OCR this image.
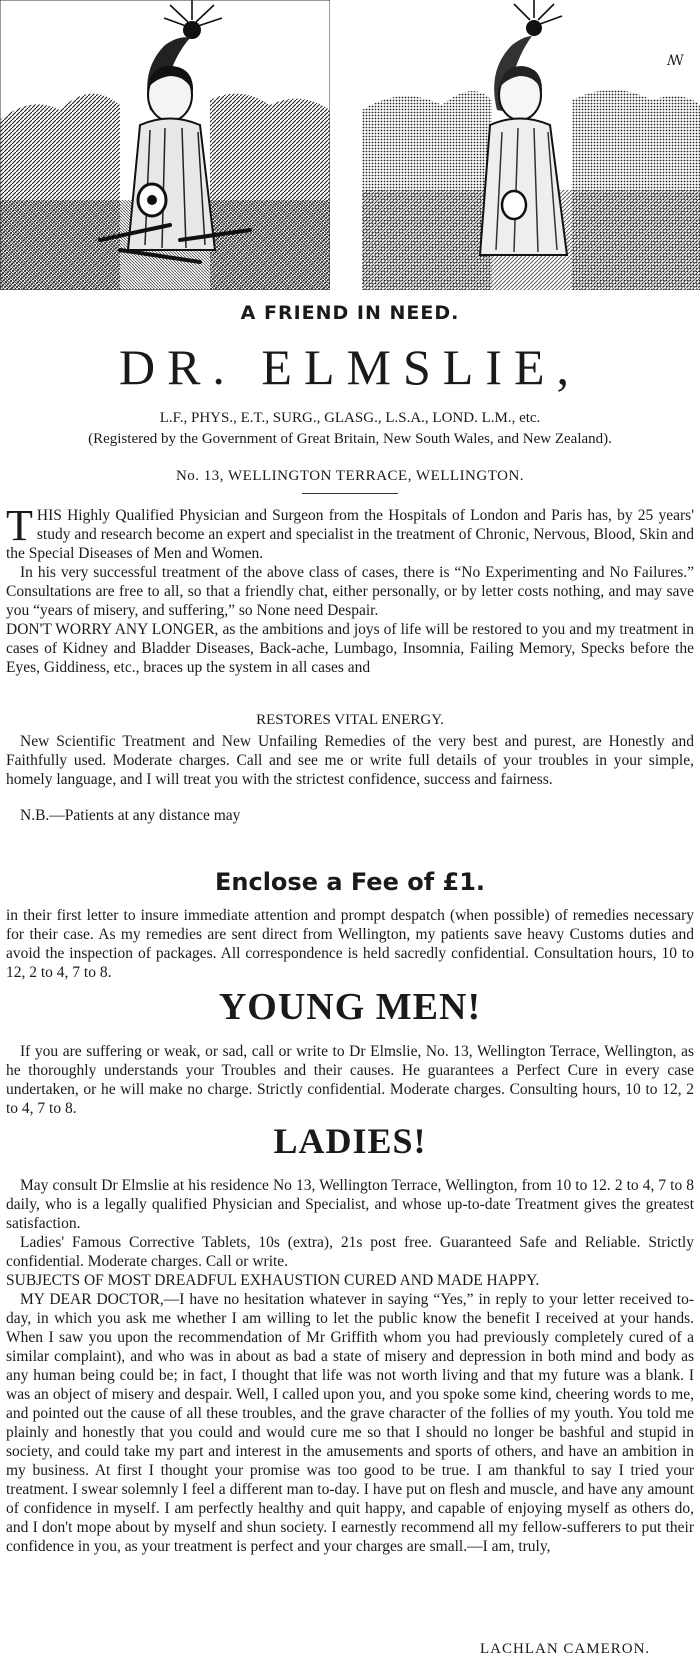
ꟿ
A FRIEND IN NEED.
DR. ELMSLIE,
L.F., PHYS., E.T., SURG., GLASG., L.S.A., LOND. L.M., etc.
(Registered by the Government of Great Britain, New South Wales, and New Zealand).
No. 13, WELLINGTON TERRACE, WELLINGTON.

THIS Highly Qualified Physician and Surgeon from the Hospitals of London and Paris has, by 25 years' study and research become an expert and specialist in the treatment of Chronic, Nervous, Blood, Skin and the Special Diseases of Men and Women.

In his very successful treatment of the above class of cases, there is “No Experimenting and No Failures.” Consultations are free to all, so that a friendly chat, either personally, or by letter costs nothing, and may save you “years of misery, and suffering,” so None need Despair.

DON'T WORRY ANY LONGER, as the ambitions and joys of life will be restored to you and my treatment in cases of Kidney and Bladder Diseases, Back-ache, Lumbago, Insomnia, Failing Memory, Specks before the Eyes, Giddiness, etc., braces up the system in all cases and

RESTORES VITAL ENERGY.

New Scientific Treatment and New Unfailing Remedies of the very best and purest, are Honestly and Faithfully used. Moderate charges. Call and see me or write full details of your troubles in your simple, homely language, and I will treat you with the strictest confidence, success and fairness.

N.B.—Patients at any distance may

Enclose a Fee of £1.

in their first letter to insure immediate attention and prompt despatch (when possible) of remedies necessary for their case. As my remedies are sent direct from Wellington, my patients save heavy Customs duties and avoid the inspection of packages. All correspondence is held sacredly confidential. Consultation hours, 10 to 12, 2 to 4, 7 to 8.

YOUNG MEN!

If you are suffering or weak, or sad, call or write to Dr Elmslie, No. 13, Wellington Terrace, Wellington, as he thoroughly understands your Troubles and their causes. He guarantees a Perfect Cure in every case undertaken, or he will make no charge. Strictly confidential. Moderate charges. Consulting hours, 10 to 12, 2 to 4, 7 to 8.

LADIES!

May consult Dr Elmslie at his residence No 13, Wellington Terrace, Wellington, from 10 to 12. 2 to 4, 7 to 8 daily, who is a legally qualified Physician and Specialist, and whose up-to-date Treatment gives the greatest satisfaction.

Ladies' Famous Corrective Tablets, 10s (extra), 21s post free. Guaranteed Safe and Reliable. Strictly confidential. Moderate charges. Call or write.

SUBJECTS OF MOST DREADFUL EXHAUSTION CURED AND MADE HAPPY.

MY DEAR DOCTOR,—I have no hesitation whatever in saying “Yes,” in reply to your letter received to-day, in which you ask me whether I am willing to let the public know the benefit I received at your hands. When I saw you upon the recommendation of Mr Griffith whom you had previously completely cured of a similar complaint), and who was in about as bad a state of misery and depression in both mind and body as any human being could be; in fact, I thought that life was not worth living and that my future was a blank. I was an object of misery and despair. Well, I called upon you, and you spoke some kind, cheering words to me, and pointed out the cause of all these troubles, and the grave character of the follies of my youth. You told me plainly and honestly that you could and would cure me so that I should no longer be bashful and stupid in society, and could take my part and interest in the amusements and sports of others, and have an ambition in my business. At first I thought your promise was too good to be true. I am thankful to say I tried your treatment. I swear solemnly I feel a different man to-day. I have put on flesh and muscle, and have any amount of confidence in myself. I am perfectly healthy and quit happy, and capable of enjoying myself as others do, and I don't mope about by myself and shun society. I earnestly recommend all my fellow-sufferers to put their confidence in you, as your treatment is perfect and your charges are small.—I am, truly,

LACHLAN CAMERON.
